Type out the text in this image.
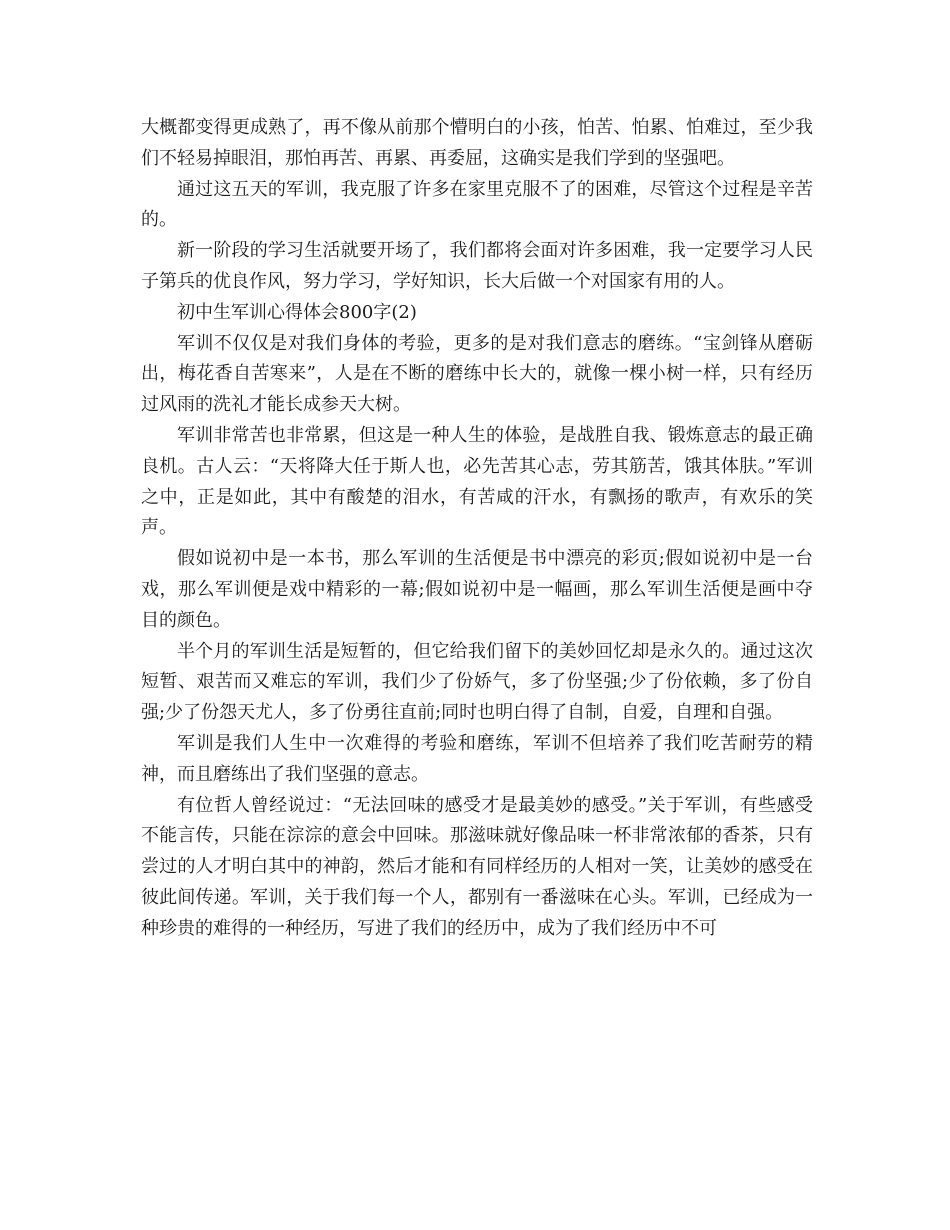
大概都变得更成熟了，再不像从前那个懵明白的小孩，怕苦、怕累、怕难过，至少我们不轻易掉眼泪，那怕再苦、再累、再委屈，这确实是我们学到的坚强吧。

通过这五天的军训，我克服了许多在家里克服不了的困难，尽管这个过程是辛苦的。

新一阶段的学习生活就要开场了，我们都将会面对许多困难，我一定要学习人民子第兵的优良作风，努力学习，学好知识，长大后做一个对国家有用的人。

初中生军训心得体会800字(2)

军训不仅仅是对我们身体的考验，更多的是对我们意志的磨练。“宝剑锋从磨砺出，梅花香自苦寒来”，人是在不断的磨练中长大的，就像一棵小树一样，只有经历过风雨的洗礼才能长成参天大树。

军训非常苦也非常累，但这是一种人生的体验，是战胜自我、锻炼意志的最正确良机。古人云：“天将降大任于斯人也，必先苦其心志，劳其筋苦，饿其体肤。”军训之中，正是如此，其中有酸楚的泪水，有苦咸的汗水，有飘扬的歌声，有欢乐的笑声。

假如说初中是一本书，那么军训的生活便是书中漂亮的彩页;假如说初中是一台戏，那么军训便是戏中精彩的一幕;假如说初中是一幅画，那么军训生活便是画中夺目的颜色。

半个月的军训生活是短暂的，但它给我们留下的美妙回忆却是永久的。通过这次短暂、艰苦而又难忘的军训，我们少了份娇气，多了份坚强;少了份依赖，多了份自强;少了份怨天尤人，多了份勇往直前;同时也明白得了自制，自爱，自理和自强。

军训是我们人生中一次难得的考验和磨练，军训不但培养了我们吃苦耐劳的精神，而且磨练出了我们坚强的意志。

有位哲人曾经说过：“无法回味的感受才是最美妙的感受。”关于军训，有些感受不能言传，只能在淙淙的意会中回味。那滋味就好像品味一杯非常浓郁的香茶，只有尝过的人才明白其中的神韵，然后才能和有同样经历的人相对一笑，让美妙的感受在彼此间传递。军训，关于我们每一个人，都别有一番滋味在心头。军训，已经成为一种珍贵的难得的一种经历，写进了我们的经历中，成为了我们经历中不可
